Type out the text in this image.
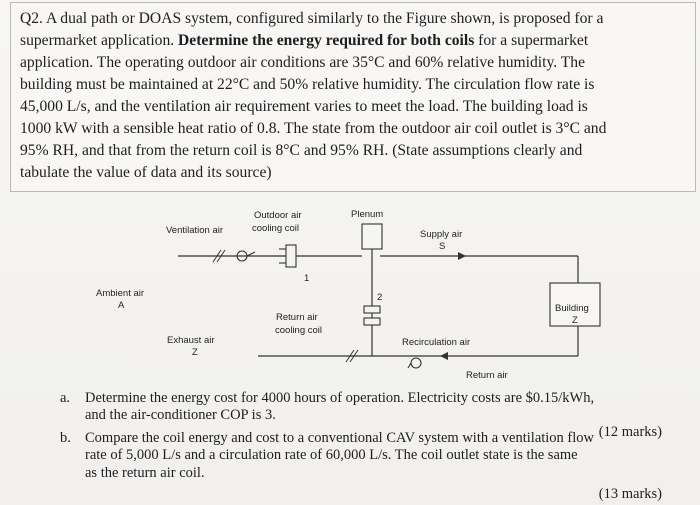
Q2. A dual path or DOAS system, configured similarly to the Figure shown, is proposed for a
supermarket application. Determine the energy required for both coils for a supermarket
application. The operating outdoor air conditions are 35°C and 60% relative humidity. The
building must be maintained at 22°C and 50% relative humidity. The circulation flow rate is
45,000 L/s, and the ventilation air requirement varies to meet the load. The building load is
1000 kW with a sensible heat ratio of 0.8. The state from the outdoor air coil outlet is 3°C and
95% RH, and that from the return coil is 8°C and 95% RH. (State assumptions clearly and
tabulate the value of data and its source)
Ventilation air
Outdoor air
cooling coil
Plenum
Supply air
S
Ambient air
A
1
2
Return air
cooling coil
Building
Z
Exhaust air
Z
Recirculation air
Return air
a. Determine the energy cost for 4000 hours of operation. Electricity costs are $0.15/kWh,
and the air-conditioner COP is 3.
(12 marks)
b. Compare the coil energy and cost to a conventional CAV system with a ventilation flow
rate of 5,000 L/s and a circulation rate of 60,000 L/s. The coil outlet state is the same
as the return air coil.
(13 marks)
